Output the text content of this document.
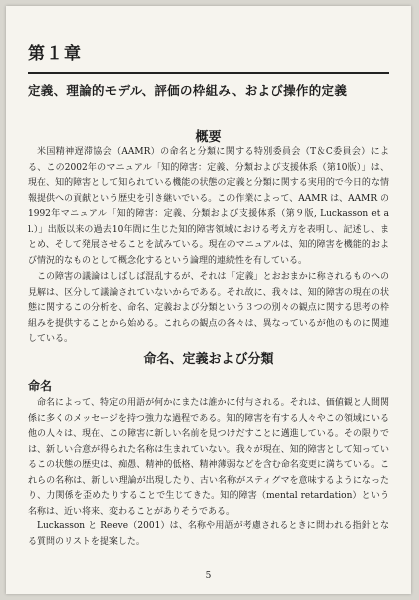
第１章
定義、理論的モデル、評価の枠組み、および操作的定義
概要

米国精神遅滞協会（AAMR）の命名と分類に関する特別委員会（T＆C委員会）による、この2002年のマニュアル「知的障害：定義、分類および支援体系（第10版）」は、現在、知的障害として知られている機能の状態の定義と分類に関する実用的で今日的な情報提供への貢献という歴史を引き継いでいる。この作業によって、AAMR は、AAMR の1992年マニュアル「知的障害：定義、分類および支援体系（第９版, Luckasson et al.）」出版以来の過去10年間に生じた知的障害領域における考え方を表明し、記述し、まとめ、そして発展させることを試みている。現在のマニュアルは、知的障害を機能的および情況的なものとして概念化するという論理的連続性を有している。

この障害の議論はしばしば混乱するが、それは「定義」とおおまかに称されるものへの見解は、区分して議論されていないからである。それ故に、我々は、知的障害の現在の状態に関するこの分析を、命名、定義および分類という３つの別々の観点に関する思考の枠組みを提供することから始める。これらの観点の各々は、異なっているが他のものに関連している。

命名、定義および分類
命名

命名によって、特定の用語が何かにまたは誰かに付与される。それは、価値観と人間関係に多くのメッセージを持つ強力な過程である。知的障害を有する人々やこの領域にいる他の人々は、現在、この障害に新しい名前を見つけだすことに邁進している。その限りでは、新しい合意が得られた名称は生まれていない。我々が現在、知的障害として知っているこの状態の歴史は、痴愚、精神的低格、精神薄弱などを含む命名変更に満ちている。これらの名称は、新しい理論が出現したり、古い名称がスティグマを意味するようになったり、力関係を歪めたりすることで生じてきた。知的障害（mental retardation）という名称は、近い将来、変わることがありそうである。

Luckasson と Reeve（2001）は、名称や用語が考慮されるときに問われる指針となる質問のリストを提案した。

5
